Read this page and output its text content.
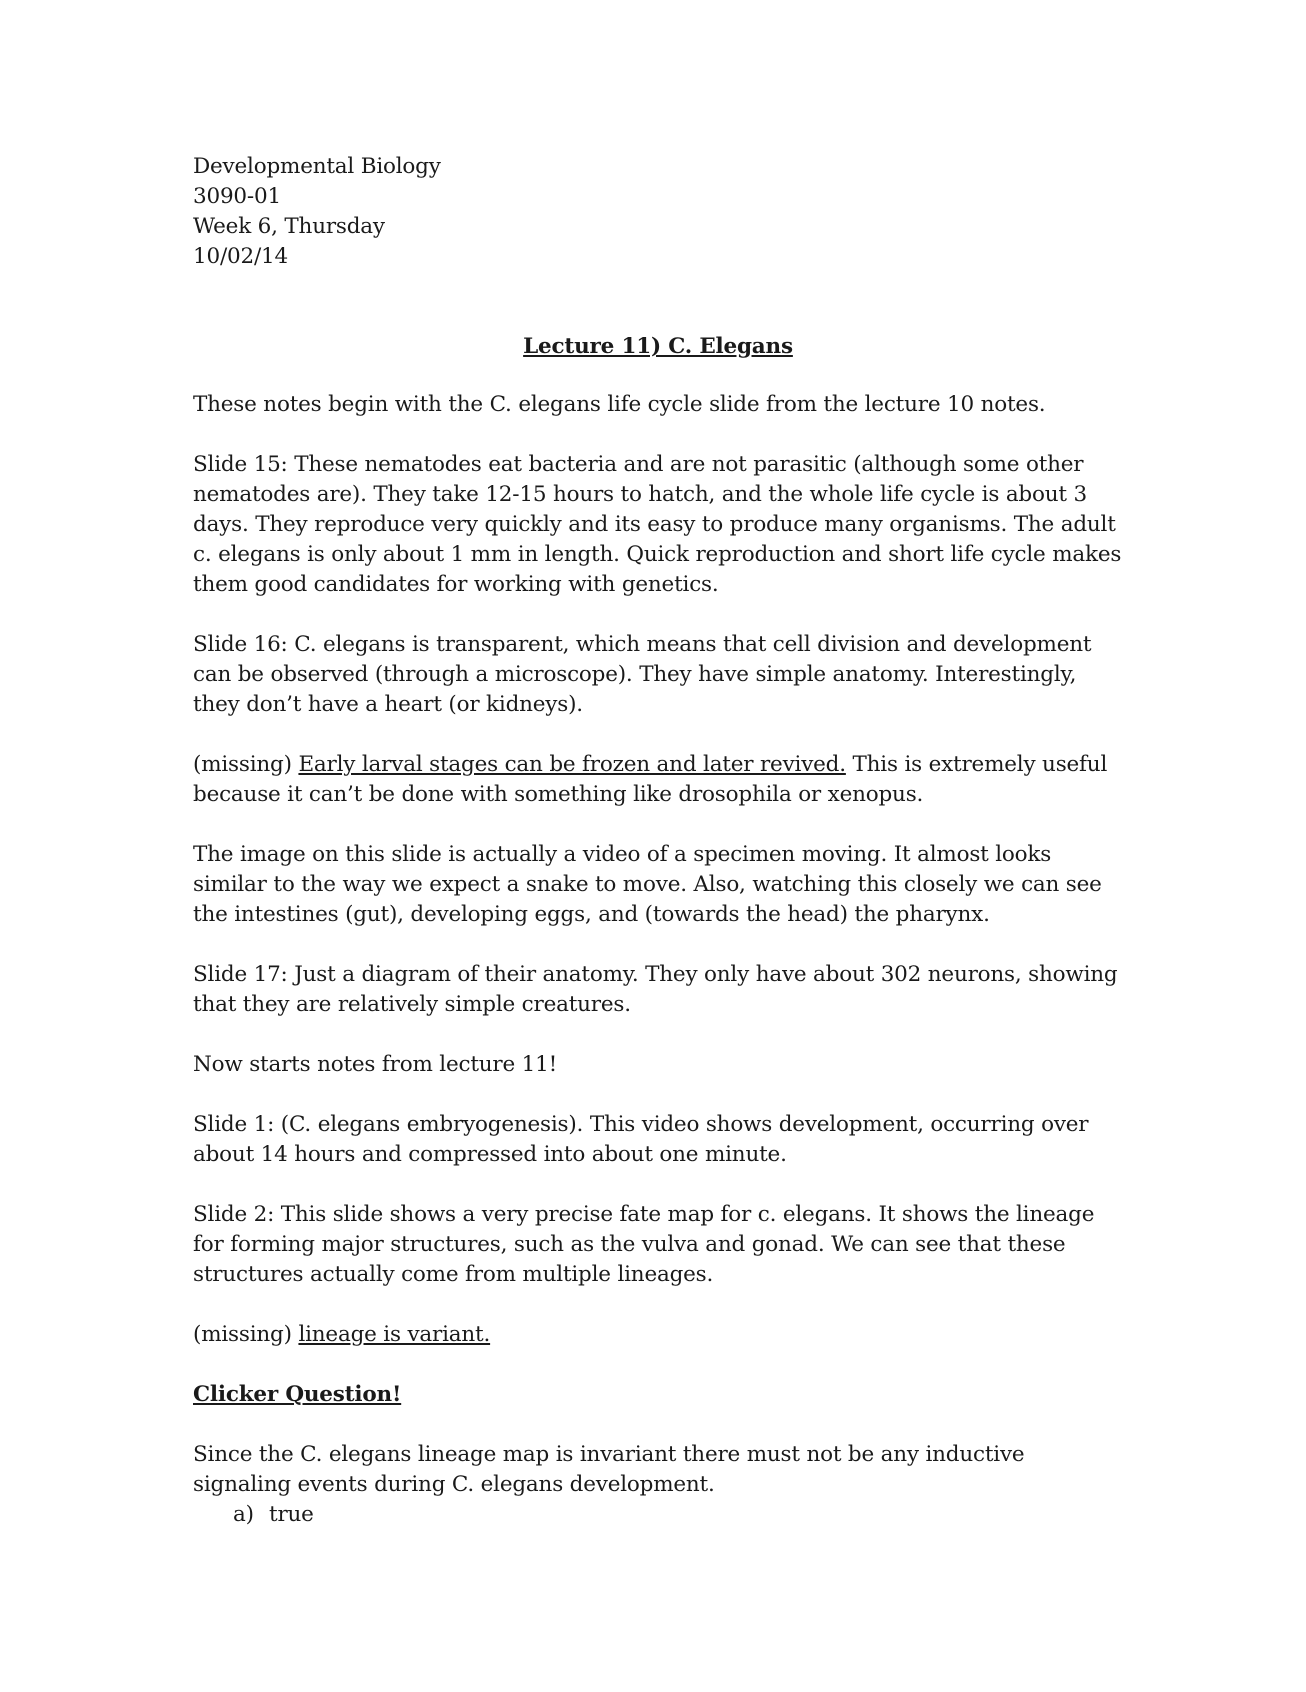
Developmental Biology
3090-01
Week 6, Thursday
10/02/14
Lecture 11) C. Elegans

These notes begin with the C. elegans life cycle slide from the lecture 10 notes.

Slide 15: These nematodes eat bacteria and are not parasitic (although some other nematodes are). They take 12-15 hours to hatch, and the whole life cycle is about 3 days. They reproduce very quickly and its easy to produce many organisms. The adult c. elegans is only about 1 mm in length. Quick reproduction and short life cycle makes them good candidates for working with genetics.

Slide 16: C. elegans is transparent, which means that cell division and development can be observed (through a microscope). They have simple anatomy. Interestingly, they don’t have a heart (or kidneys).

(missing) Early larval stages can be frozen and later revived. This is extremely useful because it can’t be done with something like drosophila or xenopus.

The image on this slide is actually a video of a specimen moving. It almost looks similar to the way we expect a snake to move. Also, watching this closely we can see the intestines (gut), developing eggs, and (towards the head) the pharynx.

Slide 17: Just a diagram of their anatomy. They only have about 302 neurons, showing that they are relatively simple creatures.

Now starts notes from lecture 11!

Slide 1: (C. elegans embryogenesis). This video shows development, occurring over about 14 hours and compressed into about one minute.

Slide 2: This slide shows a very precise fate map for c. elegans. It shows the lineage for forming major structures, such as the vulva and gonad. We can see that these structures actually come from multiple lineages.

(missing) lineage is variant.

Clicker Question!

Since the C. elegans lineage map is invariant there must not be any inductive signaling events during C. elegans development.

a) true
